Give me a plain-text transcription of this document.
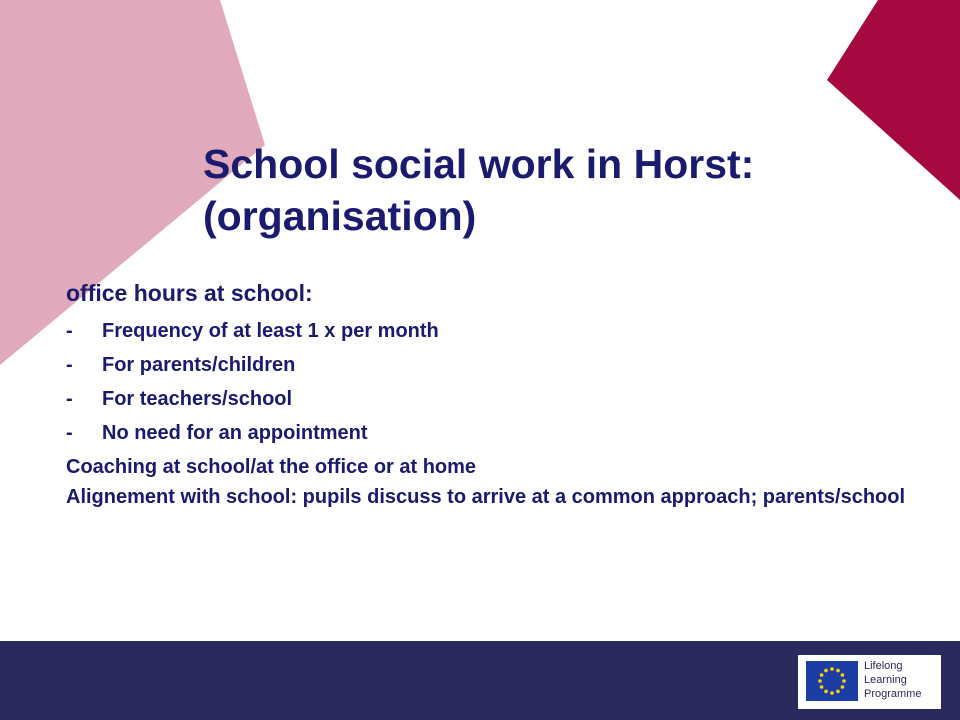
School social work in Horst:
(organisation)
office hours at school:
-	Frequency of at least 1 x per month
-	For parents/children
-	For teachers/school
-	No need for an appointment
Coaching at school/at the office or at home
Alignement with school: pupils discuss to arrive at a common approach; parents/school
Lifelong
Learning
Programme
